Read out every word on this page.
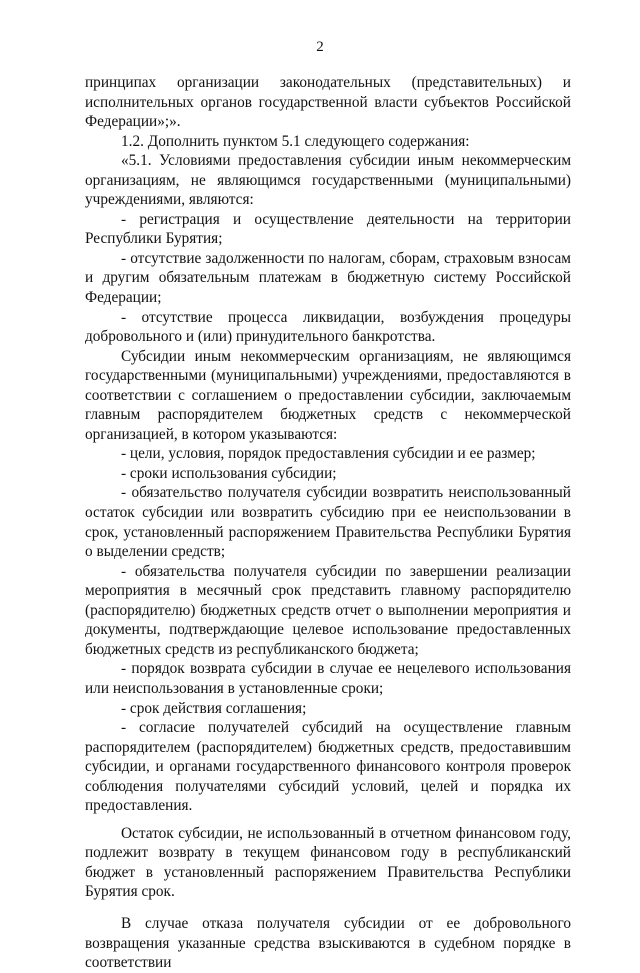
2

принципах организации законодательных (представительных) и исполнительных органов государственной власти субъектов Российской Федерации»;».

1.2. Дополнить пунктом 5.1 следующего содержания:

«5.1. Условиями предоставления субсидии иным некоммерческим организациям, не являющимся государственными (муниципальными) учреждениями, являются:

- регистрация и осуществление деятельности на территории Республики Бурятия;

- отсутствие задолженности по налогам, сборам, страховым взносам и другим обязательным платежам в бюджетную систему Российской Федерации;

- отсутствие процесса ликвидации, возбуждения процедуры добровольного и (или) принудительного банкротства.

Субсидии иным некоммерческим организациям, не являющимся государственными (муниципальными) учреждениями, предоставляются в соответствии с соглашением о предоставлении субсидии, заключаемым главным распорядителем бюджетных средств с некоммерческой организацией, в котором указываются:

- цели, условия, порядок предоставления субсидии и ее размер;

- сроки использования субсидии;

- обязательство получателя субсидии возвратить неиспользованный остаток субсидии или возвратить субсидию при ее неиспользовании в срок, установленный распоряжением Правительства Республики Бурятия о выделении средств;

- обязательства получателя субсидии по завершении реализации мероприятия в месячный срок представить главному распорядителю (распорядителю) бюджетных средств отчет о выполнении мероприятия и документы, подтверждающие целевое использование предоставленных бюджетных средств из республиканского бюджета;

- порядок возврата субсидии в случае ее нецелевого использования или неиспользования в установленные сроки;

- срок действия соглашения;

- согласие получателей субсидий на осуществление главным распорядителем (распорядителем) бюджетных средств, предоставившим субсидии, и органами государственного финансового контроля проверок соблюдения получателями субсидий условий, целей и порядка их предоставления.

Остаток субсидии, не использованный в отчетном финансовом году, подлежит возврату в текущем финансовом году в республиканский бюджет в установленный распоряжением Правительства Республики Бурятия срок.

В случае отказа получателя субсидии от ее добровольного возвращения указанные средства взыскиваются в судебном порядке в соответствии
